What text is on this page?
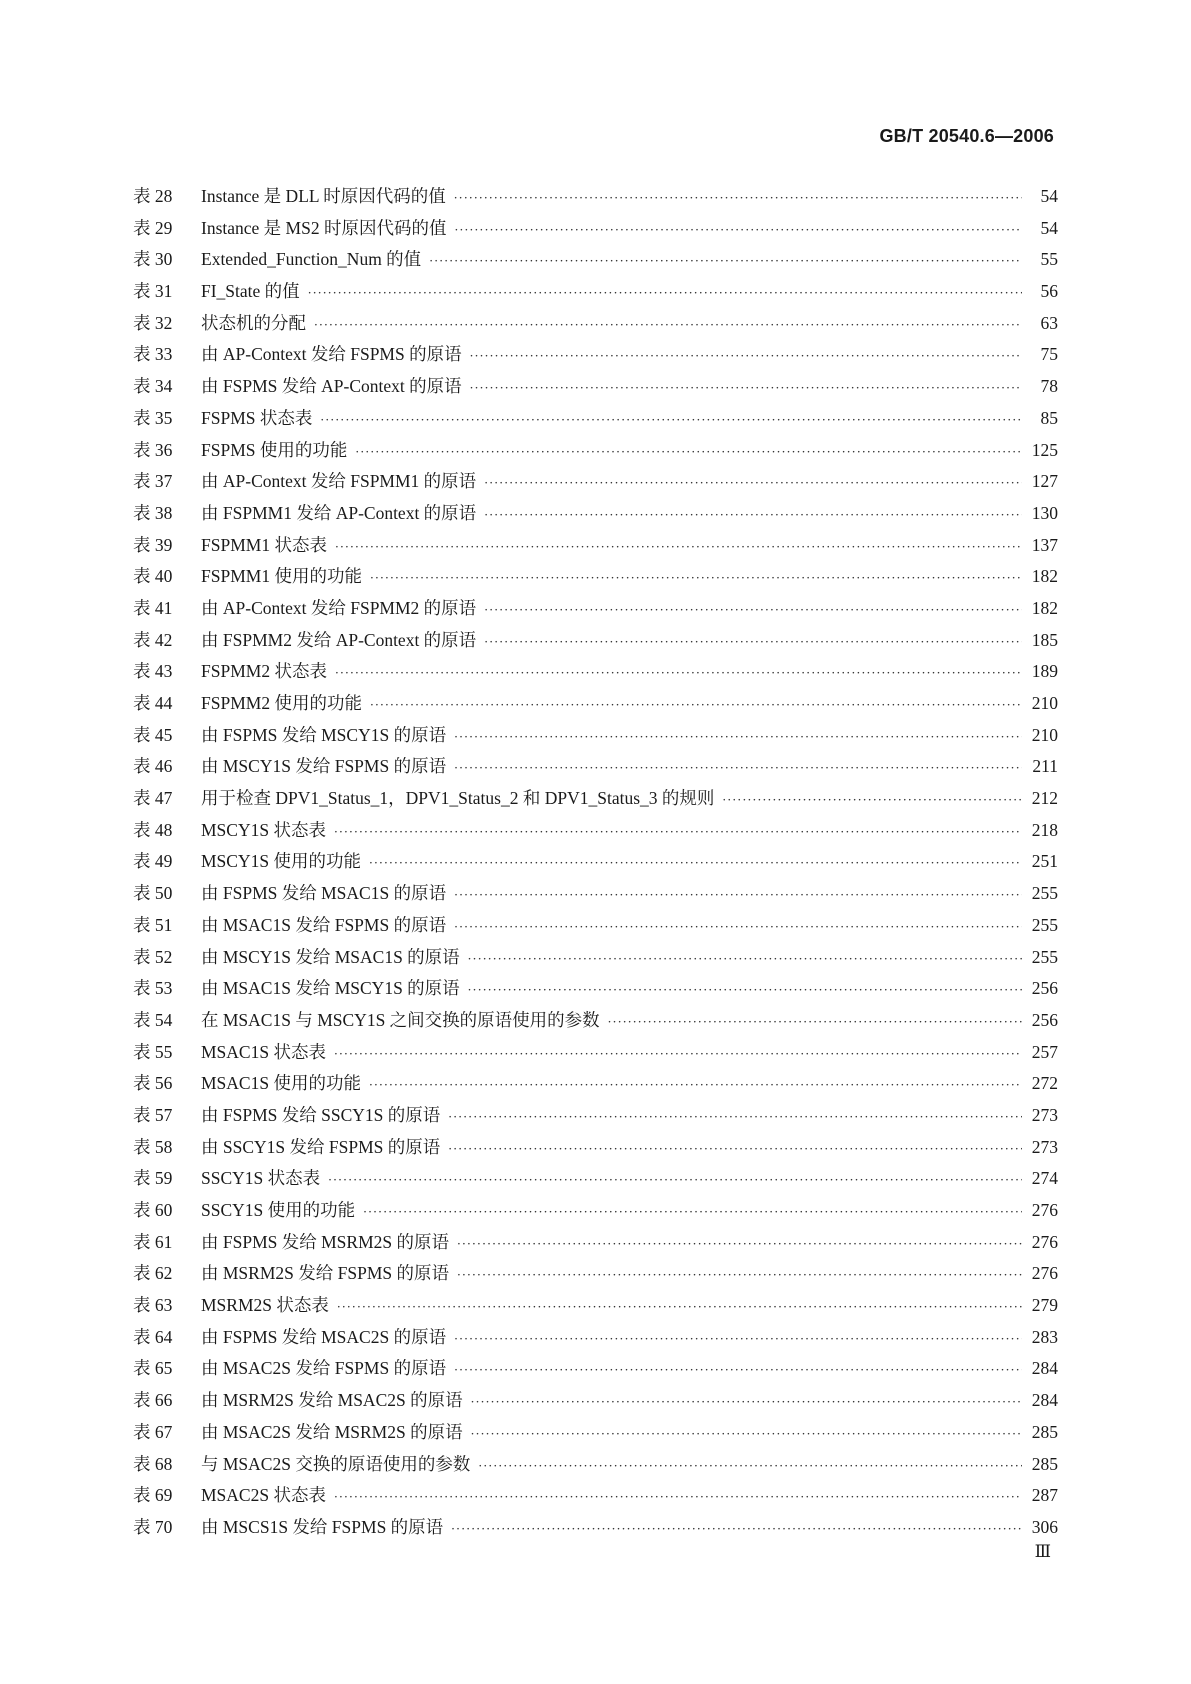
GB/T 20540.6—2006
表 28	Instance 是 DLL 时原因代码的值 ·····	54
表 29	Instance 是 MS2 时原因代码的值 ·····	54
表 30	Extended_Function_Num 的值 ·····	55
表 31	FI_State 的值 ·····	56
表 32	状态机的分配 ·····	63
表 33	由 AP-Context 发给 FSPMS 的原语 ·····	75
表 34	由 FSPMS 发给 AP-Context 的原语 ·····	78
表 35	FSPMS 状态表 ·····	85
表 36	FSPMS 使用的功能 ·····	125
表 37	由 AP-Context 发给 FSPMM1 的原语 ·····	127
表 38	由 FSPMM1 发给 AP-Context 的原语 ·····	130
表 39	FSPMM1 状态表 ·····	137
表 40	FSPMM1 使用的功能 ·····	182
表 41	由 AP-Context 发给 FSPMM2 的原语 ·····	182
表 42	由 FSPMM2 发给 AP-Context 的原语 ·····	185
表 43	FSPMM2 状态表 ·····	189
表 44	FSPMM2 使用的功能 ·····	210
表 45	由 FSPMS 发给 MSCY1S 的原语 ·····	210
表 46	由 MSCY1S 发给 FSPMS 的原语 ·····	211
表 47	用于检查 DPV1_Status_1，DPV1_Status_2 和 DPV1_Status_3 的规则 ·····	212
表 48	MSCY1S 状态表 ·····	218
表 49	MSCY1S 使用的功能 ·····	251
表 50	由 FSPMS 发给 MSAC1S 的原语 ·····	255
表 51	由 MSAC1S 发给 FSPMS 的原语 ·····	255
表 52	由 MSCY1S 发给 MSAC1S 的原语 ·····	255
表 53	由 MSAC1S 发给 MSCY1S 的原语 ·····	256
表 54	在 MSAC1S 与 MSCY1S 之间交换的原语使用的参数 ·····	256
表 55	MSAC1S 状态表 ·····	257
表 56	MSAC1S 使用的功能 ·····	272
表 57	由 FSPMS 发给 SSCY1S 的原语 ·····	273
表 58	由 SSCY1S 发给 FSPMS 的原语 ·····	273
表 59	SSCY1S 状态表 ·····	274
表 60	SSCY1S 使用的功能 ·····	276
表 61	由 FSPMS 发给 MSRM2S 的原语 ·····	276
表 62	由 MSRM2S 发给 FSPMS 的原语 ·····	276
表 63	MSRM2S 状态表 ·····	279
表 64	由 FSPMS 发给 MSAC2S 的原语 ·····	283
表 65	由 MSAC2S 发给 FSPMS 的原语 ·····	284
表 66	由 MSRM2S 发给 MSAC2S 的原语 ·····	284
表 67	由 MSAC2S 发给 MSRM2S 的原语 ·····	285
表 68	与 MSAC2S 交换的原语使用的参数 ·····	285
表 69	MSAC2S 状态表 ·····	287
表 70	由 MSCS1S 发给 FSPMS 的原语 ·····	306
Ⅲ
